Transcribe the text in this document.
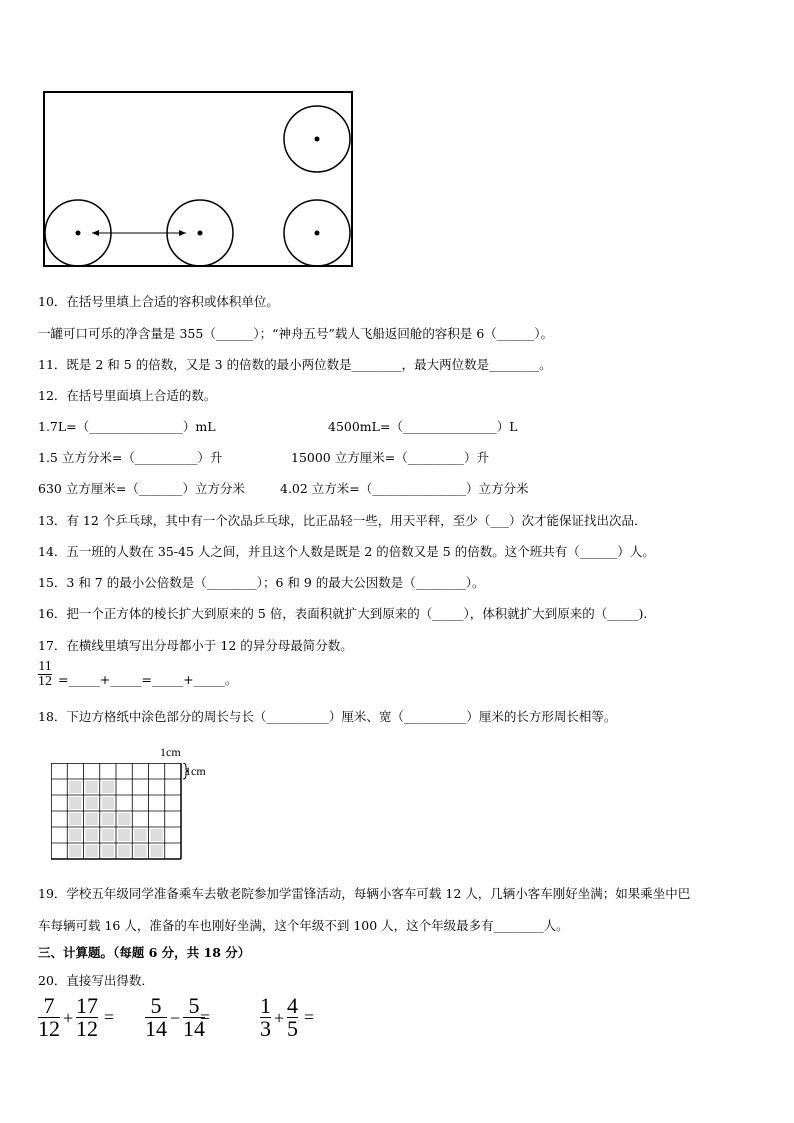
10．在括号里填上合适的容积或体积单位。
一罐可口可乐的净含量是 355（______）；“神舟五号”载人飞船返回舱的容积是 6（______）。
11．既是 2 和 5 的倍数，又是 3 的倍数的最小两位数是________，最大两位数是________。
12．在括号里面填上合适的数。
1.7L=（_______________）mL	4500mL=（_______________）L
1.5 立方分米=（__________）升	15000 立方厘米=（_________）升
630 立方厘米=（_______）立方分米	4.02 立方米=（_______________）立方分米
13．有 12 个乒乓球，其中有一个次品乒乓球，比正品轻一些，用天平秤，至少（___）次才能保证找出次品．
14．五一班的人数在 35-45 人之间，并且这个人数是既是 2 的倍数又是 5 的倍数。这个班共有（______）人。
15．3 和 7 的最小公倍数是（________）；6 和 9 的最大公因数是（________）。
16．把一个正方体的棱长扩大到原来的 5 倍，表面积就扩大到原来的（_____），体积就扩大到原来的（_____).
17．在横线里填写出分母都小于 12 的异分母最简分数。
11
12 =_____+_____=_____+_____。
18．下边方格纸中涂色部分的周长与长（__________）厘米、宽（__________）厘米的长方形周长相等。
1cm
1cm
19．学校五年级同学准备乘车去敬老院参加学雷锋活动，每辆小客车可载 12 人，几辆小客车刚好坐满；如果乘坐中巴
车每辆可载 16 人，准备的车也刚好坐满，这个年级不到 100 人，这个年级最多有________人。
三、计算题。（每题 6 分，共 18 分）
20．直接写出得数．
7
12 + 17
12 = 5
14 − 5
14
= 1
3 + 4
5 =
